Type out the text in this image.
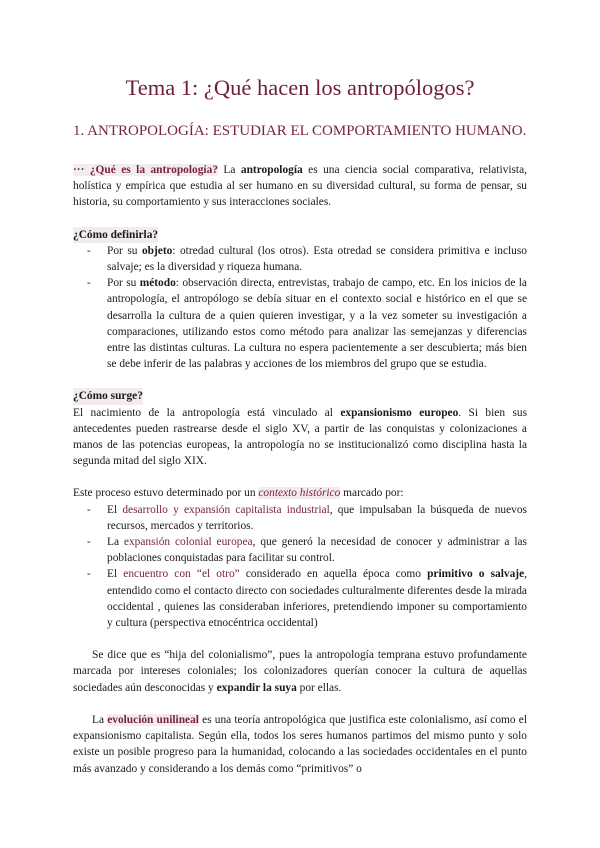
Tema 1: ¿Qué hacen los antropólogos?
1. ANTROPOLOGÍA: ESTUDIAR EL COMPORTAMIENTO HUMANO.

··· ¿Qué es la antropología? La antropología es una ciencia social comparativa, relativista, holística y empírica que estudia al ser humano en su diversidad cultural, su forma de pensar, su historia, su comportamiento y sus interacciones sociales.

¿Cómo definirla?

- Por su objeto: otredad cultural (los otros). Esta otredad se considera primitiva e incluso salvaje; es la diversidad y riqueza humana.
- Por su método: observación directa, entrevistas, trabajo de campo, etc. En los inicios de la antropología, el antropólogo se debía situar en el contexto social e histórico en el que se desarrolla la cultura de a quien quieren investigar, y a la vez someter su investigación a comparaciones, utilizando estos como método para analizar las semejanzas y diferencias entre las distintas culturas. La cultura no espera pacientemente a ser descubierta; más bien se debe inferir de las palabras y acciones de los miembros del grupo que se estudia.

¿Cómo surge?

El nacimiento de la antropología está vinculado al expansionismo europeo. Si bien sus antecedentes pueden rastrearse desde el siglo XV, a partir de las conquistas y colonizaciones a manos de las potencias europeas, la antropología no se institucionalizó como disciplina hasta la segunda mitad del siglo XIX.

Este proceso estuvo determinado por un contexto histórico marcado por:

- El desarrollo y expansión capitalista industrial, que impulsaban la búsqueda de nuevos recursos, mercados y territorios.
- La expansión colonial europea, que generó la necesidad de conocer y administrar a las poblaciones conquistadas para facilitar su control.
- El encuentro con “el otro” considerado en aquella época como primitivo o salvaje, entendido como el contacto directo con sociedades culturalmente diferentes desde la mirada occidental , quienes las consideraban inferiores, pretendiendo imponer su comportamiento y cultura (perspectiva etnocéntrica occidental)

Se dice que es “hija del colonialismo”, pues la antropología temprana estuvo profundamente marcada por intereses coloniales; los colonizadores querían conocer la cultura de aquellas sociedades aún desconocidas y expandir la suya por ellas.

La evolución unilineal es una teoría antropológica que justifica este colonialismo, así como el expansionismo capitalista. Según ella, todos los seres humanos partimos del mismo punto y solo existe un posible progreso para la humanidad, colocando a las sociedades occidentales en el punto más avanzado y considerando a los demás como “primitivos” o
